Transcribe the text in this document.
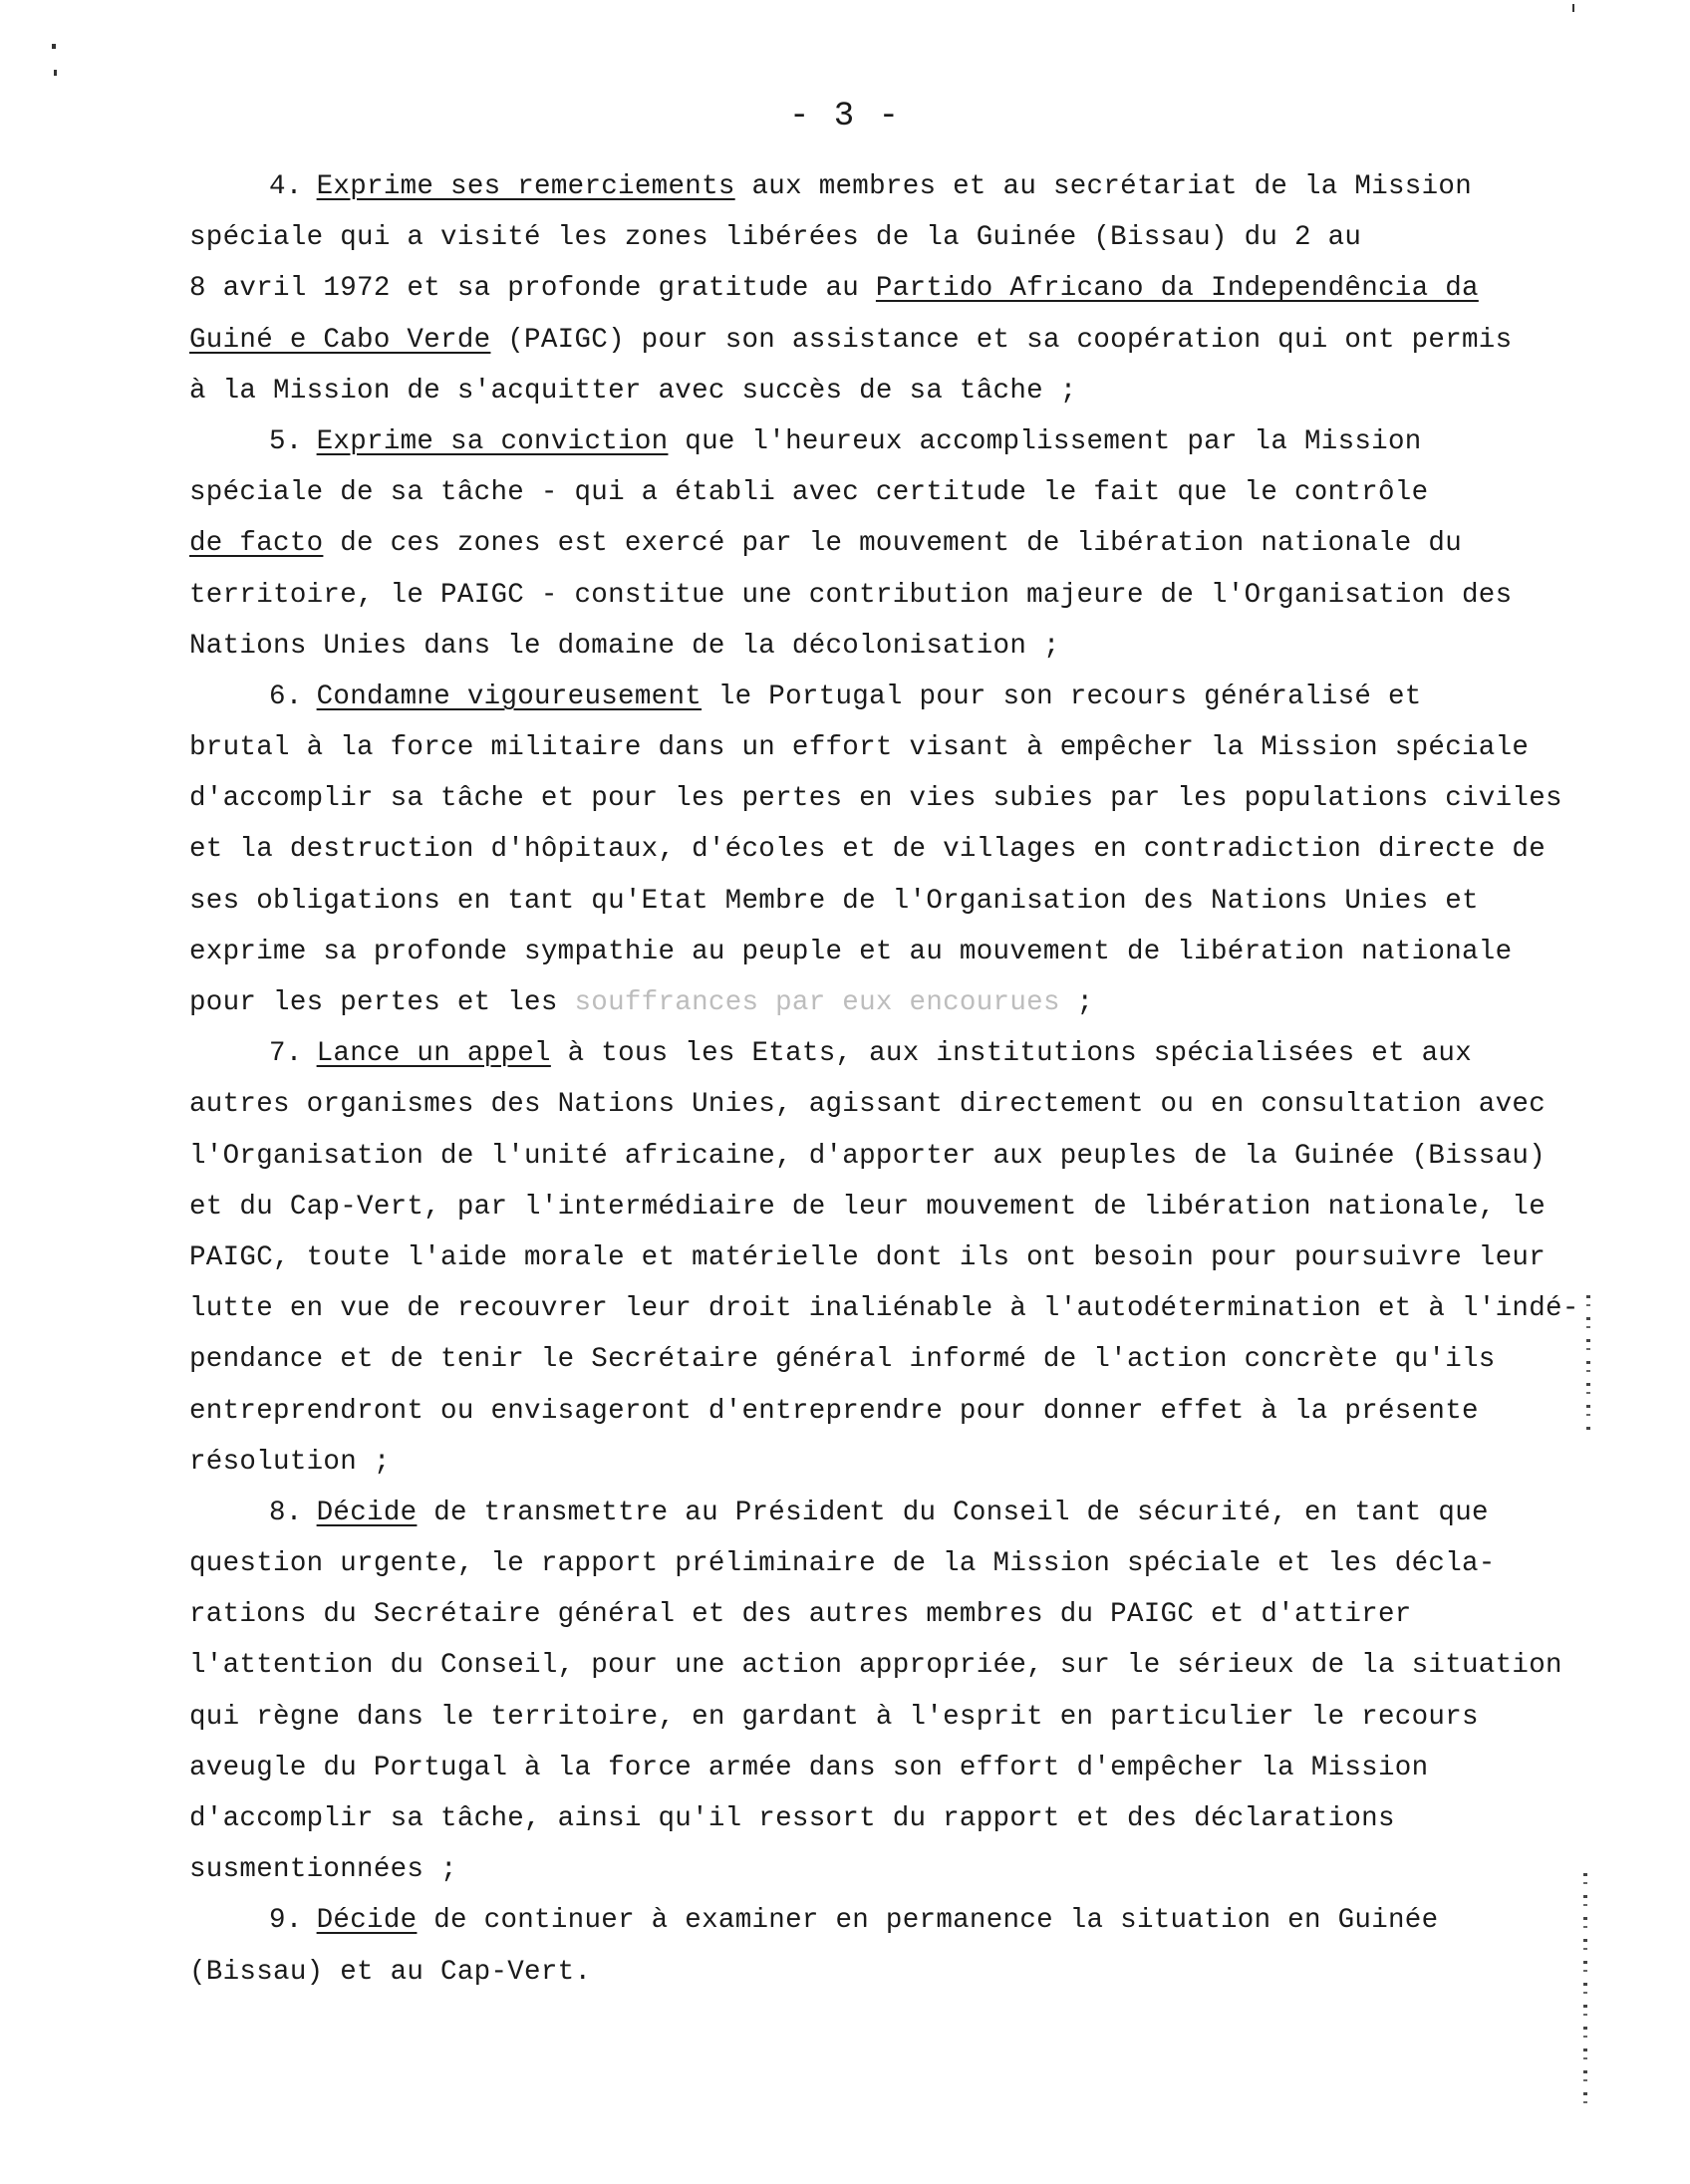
- 3 -
4. Exprime ses remerciements aux membres et au secrétariat de la Mission
spéciale qui a visité les zones libérées de la Guinée (Bissau) du 2 au
8 avril 1972 et sa profonde gratitude au Partido Africano da Independência da
Guiné e Cabo Verde (PAIGC) pour son assistance et sa coopération qui ont permis
à la Mission de s'acquitter avec succès de sa tâche ;
5. Exprime sa conviction que l'heureux accomplissement par la Mission
spéciale de sa tâche - qui a établi avec certitude le fait que le contrôle
de facto de ces zones est exercé par le mouvement de libération nationale du
territoire, le PAIGC - constitue une contribution majeure de l'Organisation des
Nations Unies dans le domaine de la décolonisation ;
6. Condamne vigoureusement le Portugal pour son recours généralisé et
brutal à la force militaire dans un effort visant à empêcher la Mission spéciale
d'accomplir sa tâche et pour les pertes en vies subies par les populations civiles
et la destruction d'hôpitaux, d'écoles et de villages en contradiction directe de
ses obligations en tant qu'Etat Membre de l'Organisation des Nations Unies et
exprime sa profonde sympathie au peuple et au mouvement de libération nationale
pour les pertes et les souffrances par eux encourues ;
7. Lance un appel à tous les Etats, aux institutions spécialisées et aux
autres organismes des Nations Unies, agissant directement ou en consultation avec
l'Organisation de l'unité africaine, d'apporter aux peuples de la Guinée (Bissau)
et du Cap-Vert, par l'intermédiaire de leur mouvement de libération nationale, le
PAIGC, toute l'aide morale et matérielle dont ils ont besoin pour poursuivre leur
lutte en vue de recouvrer leur droit inaliénable à l'autodétermination et à l'indé-
pendance et de tenir le Secrétaire général informé de l'action concrète qu'ils
entreprendront ou envisageront d'entreprendre pour donner effet à la présente
résolution ;
8. Décide de transmettre au Président du Conseil de sécurité, en tant que
question urgente, le rapport préliminaire de la Mission spéciale et les décla-
rations du Secrétaire général et des autres membres du PAIGC et d'attirer
l'attention du Conseil, pour une action appropriée, sur le sérieux de la situation
qui règne dans le territoire, en gardant à l'esprit en particulier le recours
aveugle du Portugal à la force armée dans son effort d'empêcher la Mission
d'accomplir sa tâche, ainsi qu'il ressort du rapport et des déclarations
susmentionnées ;
9. Décide de continuer à examiner en permanence la situation en Guinée
(Bissau) et au Cap-Vert.
